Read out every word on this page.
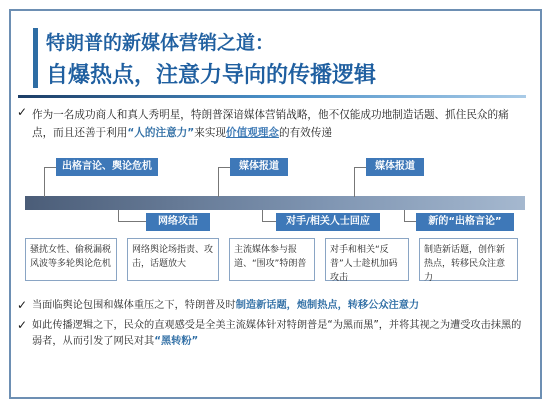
特朗普的新媒体营销之道：
自爆热点，注意力导向的传播逻辑
✓ 作为一名成功商人和真人秀明星，特朗普深谙媒体营销战略，他不仅能成功地制造话题、抓住民众的痛点，而且还善于利用“人的注意力”来实现价值观理念的有效传递
出格言论、舆论危机	媒体报道	媒体报道
网络攻击	对手/相关人士回应	新的“出格言论”
骚扰女性、偷税漏税风波等多轮舆论危机
网络舆论场指责、攻击，话题放大
主流媒体参与报道、“围攻”特朗普
对手和相关“反普”人士趁机加码攻击
制造新话题，创作新热点，转移民众注意力
✓ 当面临舆论包围和媒体重压之下，特朗普及时制造新话题，炮制热点，转移公众注意力
✓ 如此传播逻辑之下，民众的直观感受是全美主流媒体针对特朗普是“为黑而黑”，并将其视之为遭受攻击抹黑的弱者，从而引发了网民对其“黑转粉”
